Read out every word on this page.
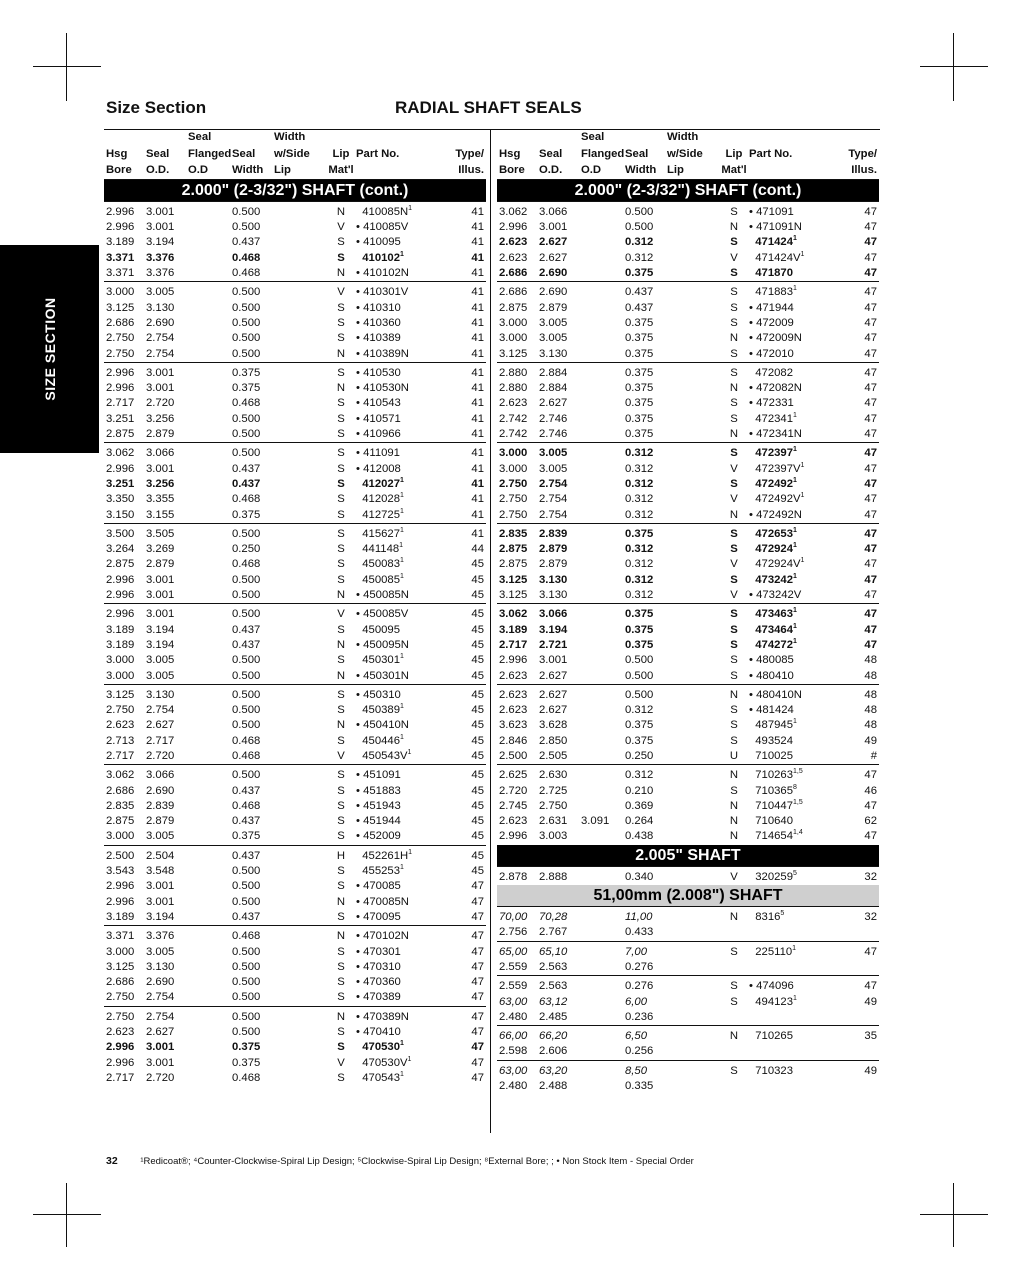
Size Section	RADIAL SHAFT SEALS
SIZE SECTION
		Seal		Width			
Hsg	Seal	Flanged	Seal	w/Side	Lip	Part No.	Type/
Bore	O.D.	O.D	Width	Lip	Mat'l		Illus.

2.000" (2-3/32") SHAFT (cont.)							

2.996	3.001		0.500		N	$410085N^1$	41
2.996	3.001		0.500		V	• 410085V	41
3.189	3.194		0.437		S	• 410095	41
3.371	3.376		0.468		S	410102$^1$	41
3.371	3.376		0.468		N	• 410102N	41
3.000	3.005		0.500		V	• 410301V	41
3.125	3.130		0.500		S	• 410310	41
2.686	2.690		0.500		S	• 410360	41
2.750	2.754		0.500		S	• 410389	41
2.750	2.754		0.500		N	• 410389N	41
2.996	3.001		0.375		S	• 410530	41
2.996	3.001		0.375		N	• 410530N	41
2.717	2.720		0.468		S	• 410543	41
3.251	3.256		0.500		S	• 410571	41
2.875	2.879		0.500		S	• 410966	41
3.062	3.066		0.500		S	• 411091	41
2.996	3.001		0.437		S	• 412008	41
3.251	3.256		0.437		S	412027$^1$	41
3.350	3.355		0.468		S	412028$^1$	41
3.150	3.155		0.375		S	412725$^1$	41
3.500	3.505		0.500		S	415627$^1$	41
3.264	3.269		0.250		S	441148$^1$	44
2.875	2.879		0.468		S	450083$^1$	45
2.996	3.001		0.500		S	450085$^1$	45
2.996	3.001		0.500		N	• 450085N	45
2.996	3.001		0.500		V	• 450085V	45
3.189	3.194		0.437		S	450095	45
3.189	3.194		0.437		N	• 450095N	45
3.000	3.005		0.500		S	450301$^1$	45
3.000	3.005		0.500		N	• 450301N	45
3.125	3.130		0.500		S	• 450310	45
2.750	2.754		0.500		S	450389$^1$	45
2.623	2.627		0.500		N	• 450410N	45
2.713	2.717		0.468		S	450446$^1$	45
2.717	2.720		0.468		V	$450543V^1$	45
3.062	3.066		0.500		S	• 451091	45
2.686	2.690		0.437		S	• 451883	45
2.835	2.839		0.468		S	• 451943	45
2.875	2.879		0.437		S	• 451944	45
3.000	3.005		0.375		S	• 452009	45
2.500	2.504		0.437		H	$452261H^1$	45
3.543	3.548		0.500		S	455253$^1$	45
2.996	3.001		0.500		S	• 470085	47
2.996	3.001		0.500		N	• 470085N	47
3.189	3.194		0.437		S	• 470095	47
3.371	3.376		0.468		N	• 470102N	47
3.000	3.005		0.500		S	• 470301	47
3.125	3.130		0.500		S	• 470310	47
2.686	2.690		0.500		S	• 470360	47
2.750	2.754		0.500		S	• 470389	47
2.750	2.754		0.500		N	• 470389N	47
2.623	2.627		0.500		S	• 470410	47
2.996	3.001		0.375		S	470530$^1$	47
2.996	3.001		0.375		V	$470530V^1$	47
2.717	2.720		0.468		S	470543$^1$	47
		Seal		Width			
Hsg	Seal	Flanged	Seal	w/Side	Lip	Part No.	Type/
Bore	O.D.	O.D	Width	Lip	Mat'l		Illus.

2.000" (2-3/32") SHAFT (cont.)							

3.062	3.066		0.500		S	• 471091	47
2.996	3.001		0.500		N	• 471091N	47
2.623	2.627		0.312		S	471424$^1$	47
2.623	2.627		0.312		V	$471424V^1$	47
2.686	2.690		0.375		S	471870	47
2.686	2.690		0.437		S	471883$^1$	47
2.875	2.879		0.437		S	• 471944	47
3.000	3.005		0.375		S	• 472009	47
3.000	3.005		0.375		N	• 472009N	47
3.125	3.130		0.375		S	• 472010	47
2.880	2.884		0.375		S	472082	47
2.880	2.884		0.375		N	• 472082N	47
2.623	2.627		0.375		S	• 472331	47
2.742	2.746		0.375		S	472341$^1$	47
2.742	2.746		0.375		N	• 472341N	47
3.000	3.005		0.312		S	472397$^1$	47
3.000	3.005		0.312		V	$472397V^1$	47
2.750	2.754		0.312		S	472492$^1$	47
2.750	2.754		0.312		V	$472492V^1$	47
2.750	2.754		0.312		N	• 472492N	47
2.835	2.839		0.375		S	472653$^1$	47
2.875	2.879		0.312		S	472924$^1$	47
2.875	2.879		0.312		V	$472924V^1$	47
3.125	3.130		0.312		S	473242$^1$	47
3.125	3.130		0.312		V	• 473242V	47
3.062	3.066		0.375		S	473463$^1$	47
3.189	3.194		0.375		S	473464$^1$	47
2.717	2.721		0.375		S	474272$^1$	47
2.996	3.001		0.500		S	• 480085	48
2.623	2.627		0.500		S	• 480410	48
2.623	2.627		0.500		N	• 480410N	48
2.623	2.627		0.312		S	• 481424	48
3.623	3.628		0.375		S	487945$^1$	48
2.846	2.850		0.375		S	493524	49
2.500	2.505		0.250		U	710025	#
2.625	2.630		0.312		N	710263$^{1,5}$	47
2.720	2.725		0.210		S	710365$^8$	46
2.745	2.750		0.369		N	710447$^{1,5}$	47
2.623	2.631	3.091	0.264		N	710640	62
2.996	3.003		0.438		N	714654$^{1,4}$	47

2.005" SHAFT							

2.878	2.888		0.340		V	320259$^5$	32

51,00mm (2.008") SHAFT							

70,00	70,28		11,00		N	8316$^5$	32
2.756	2.767		0.433				
65,00	65,10		7,00		S	225110$^1$	47
2.559	2.563		0.276				
2.559	2.563		0.276		S	• 474096	47
63,00	63,12		6,00		S	494123$^1$	49
2.480	2.485		0.236				
66,00	66,20		6,50		N	710265	35
2.598	2.606		0.256				
63,00	63,20		8,50		S	710323	49
2.480	2.488		0.335				
32 ¹Redicoat®; ⁴Counter-Clockwise-Spiral Lip Design; ⁵Clockwise-Spiral Lip Design; ⁸External Bore; ; • Non Stock Item - Special Order
